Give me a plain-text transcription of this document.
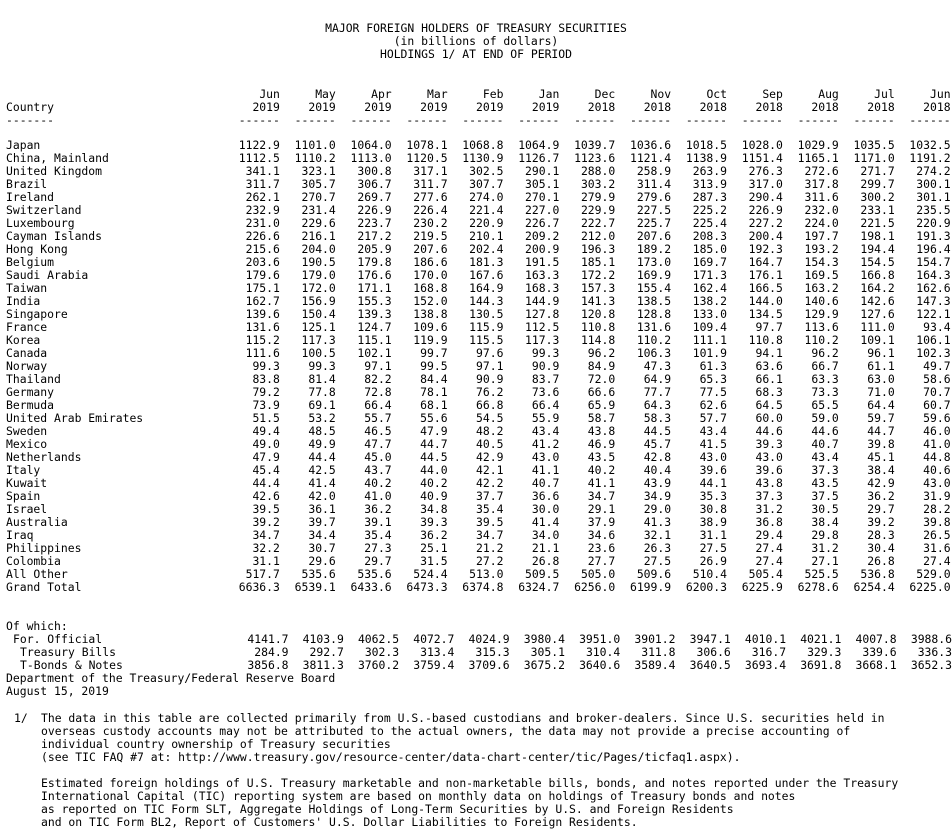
MAJOR FOREIGN HOLDERS OF TREASURY SECURITIES
(in billions of dollars)
HOLDINGS 1/ AT END OF PERIOD
Country	Jun	May	Apr	Mar	Feb	Jan	Dec	Nov	Oct	Sep	Aug	Jul	Jun
	2019	2019	2019	2019	2019	2019	2018	2018	2018	2018	2018	2018	2018
-------	------	------	------	------	------	------	------	------	------	------	------	------	------
Japan	1122.9	1101.0	1064.0	1078.1	1068.8	1064.9	1039.7	1036.6	1018.5	1028.0	1029.9	1035.5	1032.5
China, Mainland	1112.5	1110.2	1113.0	1120.5	1130.9	1126.7	1123.6	1121.4	1138.9	1151.4	1165.1	1171.0	1191.2
United Kingdom	341.1	323.1	300.8	317.1	302.5	290.1	288.0	258.9	263.9	276.3	272.6	271.7	274.2
Brazil	311.7	305.7	306.7	311.7	307.7	305.1	303.2	311.4	313.9	317.0	317.8	299.7	300.1
Ireland	262.1	270.7	269.7	277.6	274.0	270.1	279.9	279.6	287.3	290.4	311.6	300.2	301.1
Switzerland	232.9	231.4	226.9	226.4	221.4	227.0	229.9	227.5	225.2	226.9	232.0	233.1	235.5
Luxembourg	231.0	229.6	223.7	230.2	220.9	226.7	222.7	225.7	225.4	227.2	224.0	221.5	220.9
Cayman Islands	226.6	216.1	217.2	219.5	210.1	209.2	212.0	207.6	208.3	200.4	197.7	198.1	191.3
Hong Kong	215.6	204.0	205.9	207.6	202.4	200.9	196.3	189.2	185.0	192.3	193.2	194.4	196.4
Belgium	203.6	190.5	179.8	186.6	181.3	191.5	185.1	173.0	169.7	164.7	154.3	154.5	154.7
Saudi Arabia	179.6	179.0	176.6	170.0	167.6	163.3	172.2	169.9	171.3	176.1	169.5	166.8	164.3
Taiwan	175.1	172.0	171.1	168.8	164.9	168.3	157.3	155.4	162.4	166.5	163.2	164.2	162.6
India	162.7	156.9	155.3	152.0	144.3	144.9	141.3	138.5	138.2	144.0	140.6	142.6	147.3
Singapore	139.6	150.4	139.3	138.8	130.5	127.8	120.8	128.8	133.0	134.5	129.9	127.6	122.1
France	131.6	125.1	124.7	109.6	115.9	112.5	110.8	131.6	109.4	97.7	113.6	111.0	93.4
Korea	115.2	117.3	115.1	119.9	115.5	117.3	114.8	110.2	111.1	110.8	110.2	109.1	106.1
Canada	111.6	100.5	102.1	99.7	97.6	99.3	96.2	106.3	101.9	94.1	96.2	96.1	102.3
Norway	99.3	99.3	97.1	99.5	97.1	90.9	84.9	47.3	61.3	63.6	66.7	61.1	49.7
Thailand	83.8	81.4	82.2	84.4	90.9	83.7	72.0	64.9	65.3	66.1	63.3	63.0	58.6
Germany	79.2	77.8	72.8	78.1	76.2	73.6	66.6	77.7	77.5	68.3	73.3	71.0	70.7
Bermuda	73.9	69.1	66.4	68.1	66.8	66.4	65.9	64.3	62.6	64.5	65.5	64.4	60.7
United Arab Emirates	51.5	53.2	55.7	55.6	54.5	55.9	58.7	58.3	57.7	60.0	59.0	59.7	59.6
Sweden	49.4	48.5	46.5	47.9	48.2	43.4	43.8	44.5	43.4	44.6	44.6	44.7	46.0
Mexico	49.0	49.9	47.7	44.7	40.5	41.2	46.9	45.7	41.5	39.3	40.7	39.8	41.0
Netherlands	47.9	44.4	45.0	44.5	42.9	43.0	43.5	42.8	43.0	43.0	43.4	45.1	44.8
Italy	45.4	42.5	43.7	44.0	42.1	41.1	40.2	40.4	39.6	39.6	37.3	38.4	40.6
Kuwait	44.4	41.4	40.2	40.2	42.2	40.7	41.1	43.9	44.1	43.8	43.5	42.9	43.0
Spain	42.6	42.0	41.0	40.9	37.7	36.6	34.7	34.9	35.3	37.3	37.5	36.2	31.9
Israel	39.5	36.1	36.2	34.8	35.4	30.0	29.1	29.0	30.8	31.2	30.5	29.7	28.2
Australia	39.2	39.7	39.1	39.3	39.5	41.4	37.9	41.3	38.9	36.8	38.4	39.2	39.8
Iraq	34.7	34.4	35.4	36.2	34.7	34.0	34.6	32.1	31.1	29.4	29.8	28.3	26.5
Philippines	32.2	30.7	27.3	25.1	21.2	21.1	23.6	26.3	27.5	27.4	31.2	30.4	31.6
Colombia	31.1	29.6	29.7	31.5	27.2	26.8	27.7	27.5	26.9	27.4	27.1	26.8	27.4
All Other	517.7	535.6	535.6	524.4	513.0	509.5	505.0	509.6	510.4	505.4	525.5	536.8	529.0
Grand Total	6636.3	6539.1	6433.6	6473.3	6374.8	6324.7	6256.0	6199.9	6200.3	6225.9	6278.6	6254.4	6225.0
Of which:													
For. Official	4141.7	4103.9	4062.5	4072.7	4024.9	3980.4	3951.0	3901.2	3947.1	4010.1	4021.1	4007.8	3988.6
Treasury Bills	284.9	292.7	302.3	313.4	315.3	305.1	310.4	311.8	306.6	316.7	329.3	339.6	336.3
T-Bonds & Notes	3856.8	3811.3	3760.2	3759.4	3709.6	3675.2	3640.6	3589.4	3640.5	3693.4	3691.8	3668.1	3652.3
Department of the Treasury/Federal Reserve Board
August 15, 2019
1/ The data in this table are collected primarily from U.S.-based custodians and broker-dealers. Since U.S. securities held in
overseas custody accounts may not be attributed to the actual owners, the data may not provide a precise accounting of
individual country ownership of Treasury securities
(see TIC FAQ #7 at: http://www.treasury.gov/resource-center/data-chart-center/tic/Pages/ticfaq1.aspx).
Estimated foreign holdings of U.S. Treasury marketable and non-marketable bills, bonds, and notes reported under the Treasury
International Capital (TIC) reporting system are based on monthly data on holdings of Treasury bonds and notes
as reported on TIC Form SLT, Aggregate Holdings of Long-Term Securities by U.S. and Foreign Residents
and on TIC Form BL2, Report of Customers' U.S. Dollar Liabilities to Foreign Residents.
